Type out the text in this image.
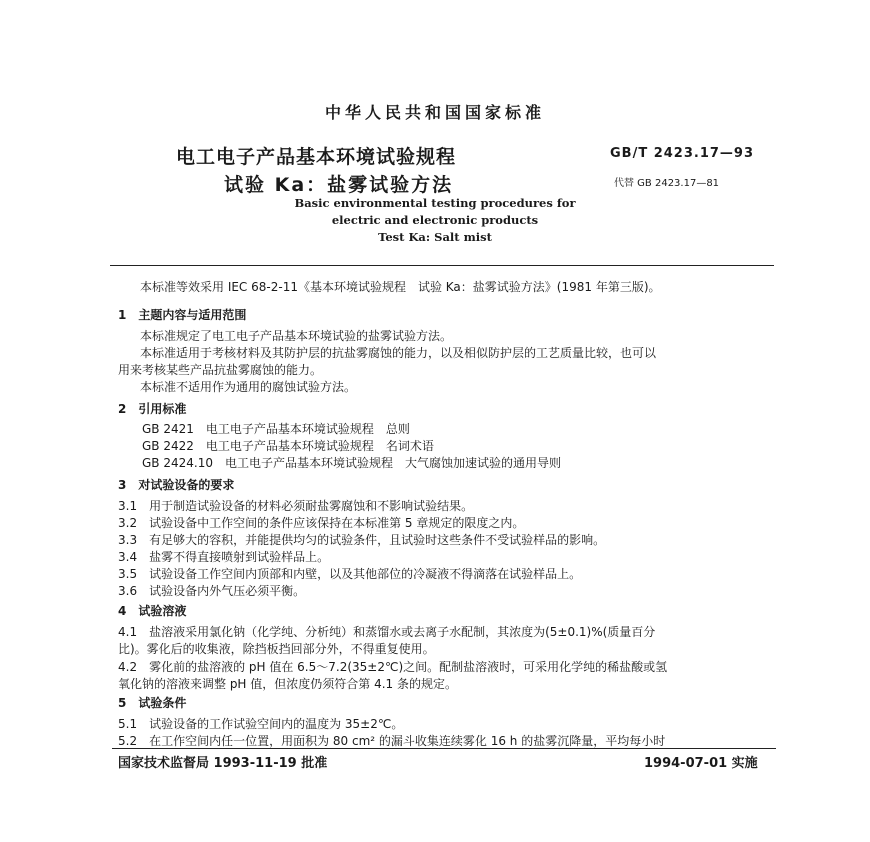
中华人民共和国国家标准
电工电子产品基本环境试验规程
试验 Ka：盐雾试验方法
GB/T 2423.17—93
代替 GB 2423.17—81
Basic environmental testing procedures for
electric and electronic products
Test Ka: Salt mist
本标准等效采用 IEC 68-2-11《基本环境试验规程　试验 Ka：盐雾试验方法》(1981 年第三版)。
1　主题内容与适用范围
本标准规定了电工电子产品基本环境试验的盐雾试验方法。
本标准适用于考核材料及其防护层的抗盐雾腐蚀的能力，以及相似防护层的工艺质量比较，也可以
用来考核某些产品抗盐雾腐蚀的能力。
本标准不适用作为通用的腐蚀试验方法。
2　引用标准
GB 2421　电工电子产品基本环境试验规程　总则
GB 2422　电工电子产品基本环境试验规程　名词术语
GB 2424.10　电工电子产品基本环境试验规程　大气腐蚀加速试验的通用导则
3　对试验设备的要求
3.1　用于制造试验设备的材料必须耐盐雾腐蚀和不影响试验结果。
3.2　试验设备中工作空间的条件应该保持在本标准第 5 章规定的限度之内。
3.3　有足够大的容积，并能提供均匀的试验条件，且试验时这些条件不受试验样品的影响。
3.4　盐雾不得直接喷射到试验样品上。
3.5　试验设备工作空间内顶部和内壁，以及其他部位的冷凝液不得滴落在试验样品上。
3.6　试验设备内外气压必须平衡。
4　试验溶液
4.1　盐溶液采用氯化钠（化学纯、分析纯）和蒸馏水或去离子水配制，其浓度为(5±0.1)%(质量百分
比)。雾化后的收集液，除挡板挡回部分外，不得重复使用。
4.2　雾化前的盐溶液的 pH 值在 6.5～7.2(35±2℃)之间。配制盐溶液时，可采用化学纯的稀盐酸或氢
氧化钠的溶液来调整 pH 值，但浓度仍须符合第 4.1 条的规定。
5　试验条件
5.1　试验设备的工作试验空间内的温度为 35±2℃。
5.2　在工作空间内任一位置，用面积为 80 cm² 的漏斗收集连续雾化 16 h 的盐雾沉降量，平均每小时
国家技术监督局 1993-11-19 批准	1994-07-01 实施
